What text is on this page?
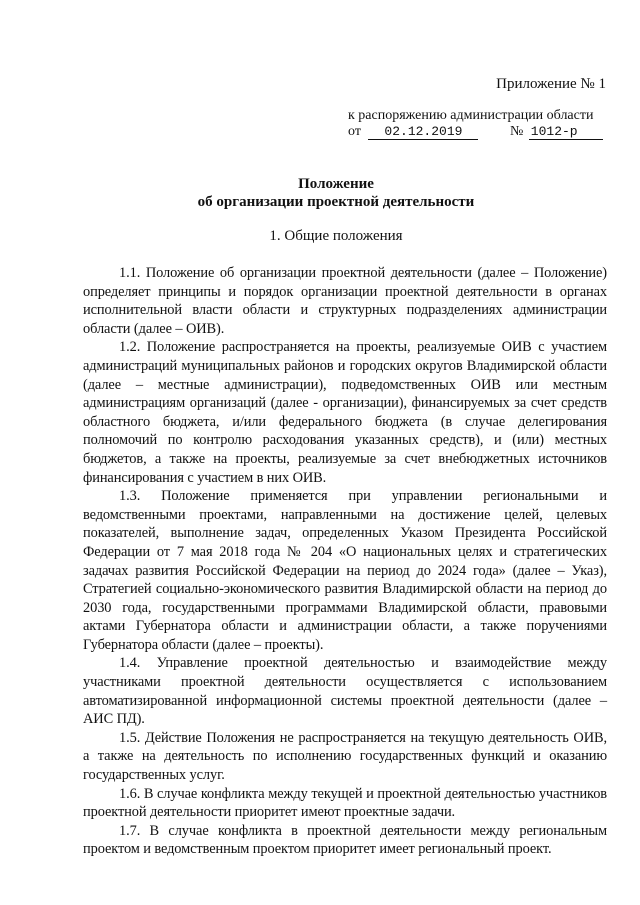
Приложение № 1
к распоряжению администрации области
от 02.12.2019	№ 1012-р
Положение
об организации проектной деятельности
1. Общие положения

1.1. Положение об организации проектной деятельности (далее – Положение) определяет принципы и порядок организации проектной деятельности в органах исполнительной власти области и структурных подразделениях администрации области (далее – ОИВ).

1.2. Положение распространяется на проекты, реализуемые ОИВ с участием администраций муниципальных районов и городских округов Владимирской области (далее – местные администрации), подведомственных ОИВ или местным администрациям организаций (далее - организации), финансируемых за счет средств областного бюджета, и/или федерального бюджета (в случае делегирования полномочий по контролю расходования указанных средств), и (или) местных бюджетов, а также на проекты, реализуемые за счет внебюджетных источников финансирования с участием в них ОИВ.

1.3. Положение применяется при управлении региональными и ведомственными проектами, направленными на достижение целей, целевых показателей, выполнение задач, определенных Указом Президента Российской Федерации от 7 мая 2018 года № 204 «О национальных целях и стратегических задачах развития Российской Федерации на период до 2024 года» (далее – Указ), Стратегией социально-экономического развития Владимирской области на период до 2030 года, государственными программами Владимирской области, правовыми актами Губернатора области и администрации области, а также поручениями Губернатора области (далее – проекты).

1.4. Управление проектной деятельностью и взаимодействие между участниками проектной деятельности осуществляется с использованием автоматизированной информационной системы проектной деятельности (далее – АИС ПД).

1.5. Действие Положения не распространяется на текущую деятельность ОИВ, а также на деятельность по исполнению государственных функций и оказанию государственных услуг.

1.6. В случае конфликта между текущей и проектной деятельностью участников проектной деятельности приоритет имеют проектные задачи.

1.7. В случае конфликта в проектной деятельности между региональным проектом и ведомственным проектом приоритет имеет региональный проект.
